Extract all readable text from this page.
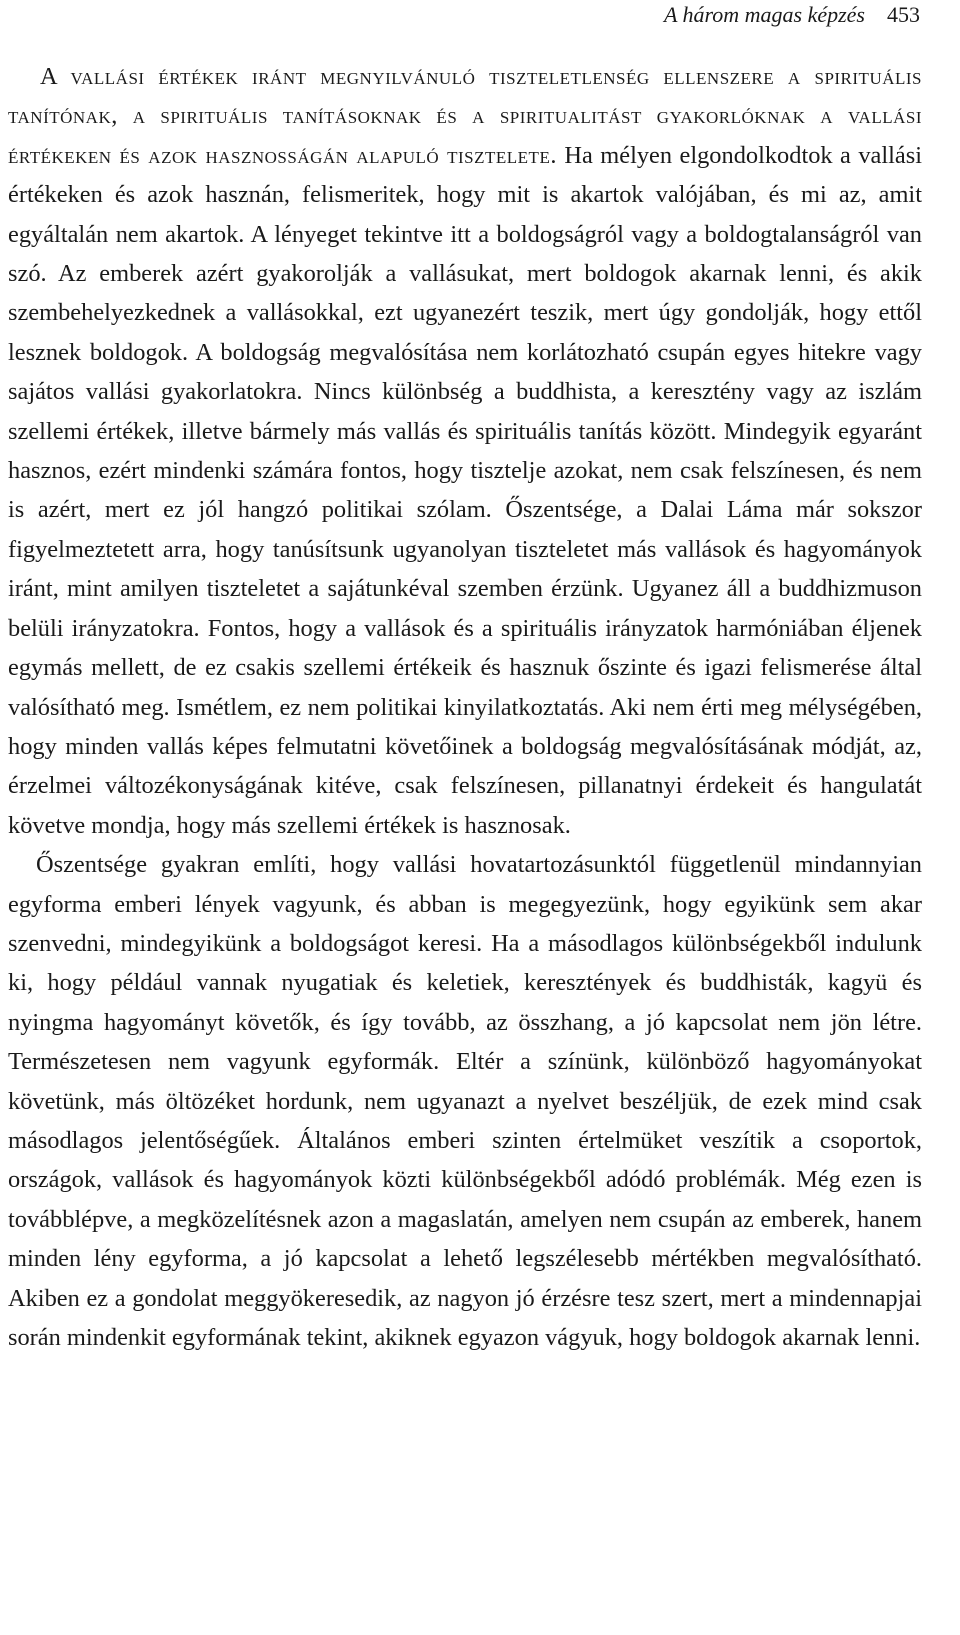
A három magas képzés 453

A vallási értékek iránt megnyilvánuló tiszteletlenség ellenszere a spirituális tanítónak, a spirituális tanításoknak és a spiritualitást gyakorlóknak a vallási értékeken és azok hasznosságán alapuló tisztelete. Ha mélyen elgondolkodtok a vallási értékeken és azok hasznán, felismeritek, hogy mit is akartok valójában, és mi az, amit egyáltalán nem akartok. A lényeget tekintve itt a boldogságról vagy a boldogtalanságról van szó. Az emberek azért gyakorolják a vallásukat, mert boldogok akarnak lenni, és akik szembehelyezkednek a vallásokkal, ezt ugyanezért teszik, mert úgy gondolják, hogy ettől lesznek boldogok. A boldogság megvalósítása nem korlátozható csupán egyes hitekre vagy sajátos vallási gyakorlatokra. Nincs különbség a buddhista, a keresztény vagy az iszlám szellemi értékek, illetve bármely más vallás és spirituális tanítás között. Mindegyik egyaránt hasznos, ezért mindenki számára fontos, hogy tisztelje azokat, nem csak felszínesen, és nem is azért, mert ez jól hangzó politikai szólam. Őszentsége, a Dalai Láma már sokszor figyelmeztetett arra, hogy tanúsítsunk ugyanolyan tiszteletet más vallások és hagyományok iránt, mint amilyen tiszteletet a sajátunkéval szemben érzünk. Ugyanez áll a buddhizmuson belüli irányzatokra. Fontos, hogy a vallások és a spirituális irányzatok harmóniában éljenek egymás mellett, de ez csakis szellemi értékeik és hasznuk őszinte és igazi felismerése által valósítható meg. Ismétlem, ez nem politikai kinyilatkoztatás. Aki nem érti meg mélységében, hogy minden vallás képes felmutatni követőinek a boldogság megvalósításának módját, az, érzelmei változékonyságának kitéve, csak felszínesen, pillanatnyi érdekeit és hangulatát követve mondja, hogy más szellemi értékek is hasznosak.

Őszentsége gyakran említi, hogy vallási hovatartozásunktól függetlenül mindannyian egyforma emberi lények vagyunk, és abban is megegyezünk, hogy egyikünk sem akar szenvedni, mindegyikünk a boldogságot keresi. Ha a másodlagos különbségekből indulunk ki, hogy például vannak nyugatiak és keletiek, keresztények és buddhisták, kagyü és nyingma hagyományt követők, és így tovább, az összhang, a jó kapcsolat nem jön létre. Természetesen nem vagyunk egyformák. Eltér a színünk, különböző hagyományokat követünk, más öltözéket hordunk, nem ugyanazt a nyelvet beszéljük, de ezek mind csak másodlagos jelentőségűek. Általános emberi szinten értelmüket veszítik a csoportok, országok, vallások és hagyományok közti különbségekből adódó problémák. Még ezen is továbblépve, a megközelítésnek azon a magaslatán, amelyen nem csupán az emberek, hanem minden lény egyforma, a jó kapcsolat a lehető legszélesebb mértékben megvalósítható. Akiben ez a gondolat meggyökeresedik, az nagyon jó érzésre tesz szert, mert a mindennapjai során mindenkit egyformának tekint, akiknek egyazon vágyuk, hogy boldogok akarnak lenni.
